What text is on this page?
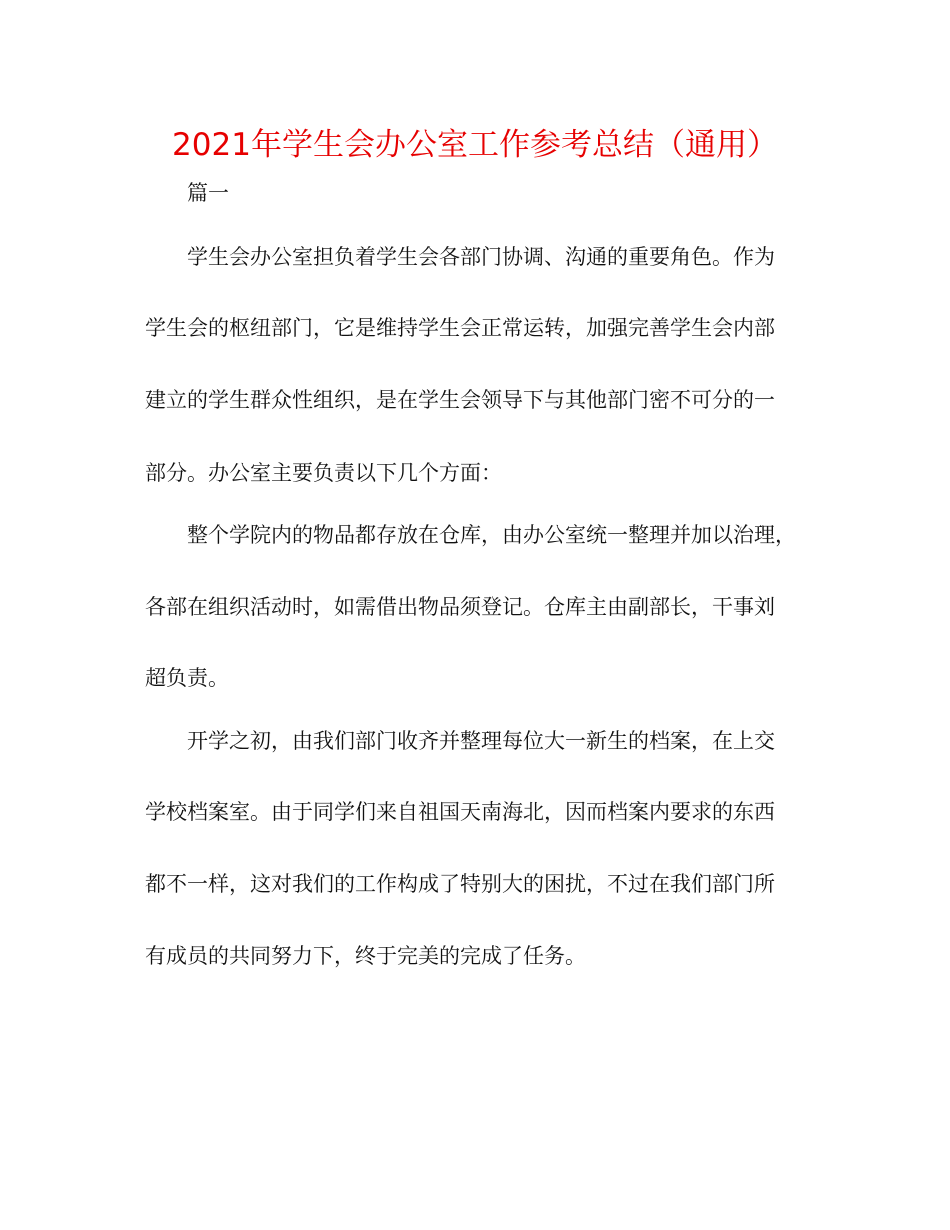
2021年学生会办公室工作参考总结（通用）
篇一
学生会办公室担负着学生会各部门协调、沟通的重要角色。作为
学生会的枢纽部门，它是维持学生会正常运转，加强完善学生会内部
建立的学生群众性组织，是在学生会领导下与其他部门密不可分的一
部分。办公室主要负责以下几个方面：
整个学院内的物品都存放在仓库，由办公室统一整理并加以治理，
各部在组织活动时，如需借出物品须登记。仓库主由副部长，干事刘
超负责。
开学之初，由我们部门收齐并整理每位大一新生的档案，在上交
学校档案室。由于同学们来自祖国天南海北，因而档案内要求的东西
都不一样，这对我们的工作构成了特别大的困扰，不过在我们部门所
有成员的共同努力下，终于完美的完成了任务。
